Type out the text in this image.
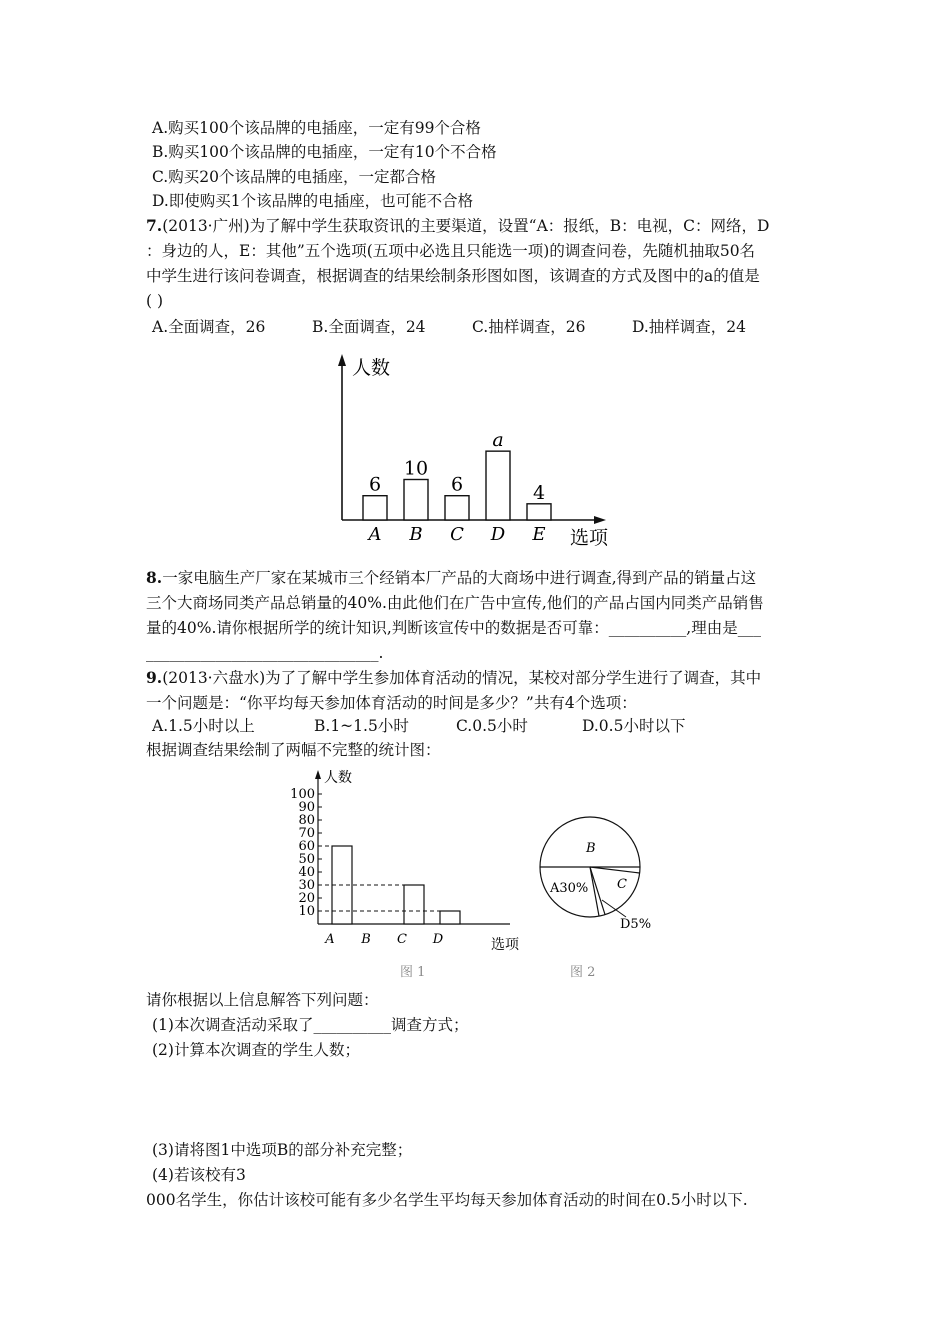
A.购买100个该品牌的电插座，一定有99个合格
B.购买100个该品牌的电插座，一定有10个不合格
C.购买20个该品牌的电插座，一定都合格
D.即使购买1个该品牌的电插座，也可能不合格
7.(2013·广州)为了解中学生获取资讯的主要渠道，设置“A：报纸，B：电视，C：网络，D
：身边的人，E：其他”五个选项(五项中必选且只能选一项)的调查问卷，先随机抽取50名
中学生进行该问卷调查，根据调查的结果绘制条形图如图，该调查的方式及图中的a的值是
( )
A.全面调查，26	B.全面调查，24	C.抽样调查，26	D.抽样调查，24
人数
选项
6
A
10
B
6
C
a
D
4
E
8.一家电脑生产厂家在某城市三个经销本厂产品的大商场中进行调查,得到产品的销量占这
三个大商场同类产品总销量的40%.由此他们在广告中宣传,他们的产品占国内同类产品销售
量的40%.请你根据所学的统计知识,判断该宣传中的数据是否可靠：__________,理由是___
______________________________.
9.(2013·六盘水)为了了解中学生参加体育活动的情况，某校对部分学生进行了调查，其中
一个问题是：“你平均每天参加体育活动的时间是多少？”共有4个选项：
A.1.5小时以上	B.1~1.5小时	C.0.5小时	D.0.5小时以下
根据调查结果绘制了两幅不完整的统计图：
人数
选项
10
20
30
40
50
60
70
80
90
100
A B C D
图 1
B
A30% C
D5%
图 2
请你根据以上信息解答下列问题：
(1)本次调查活动采取了__________调查方式；
(2)计算本次调查的学生人数；
(3)请将图1中选项B的部分补充完整；
(4)若该校有3
000名学生，你估计该校可能有多少名学生平均每天参加体育活动的时间在0.5小时以下.
